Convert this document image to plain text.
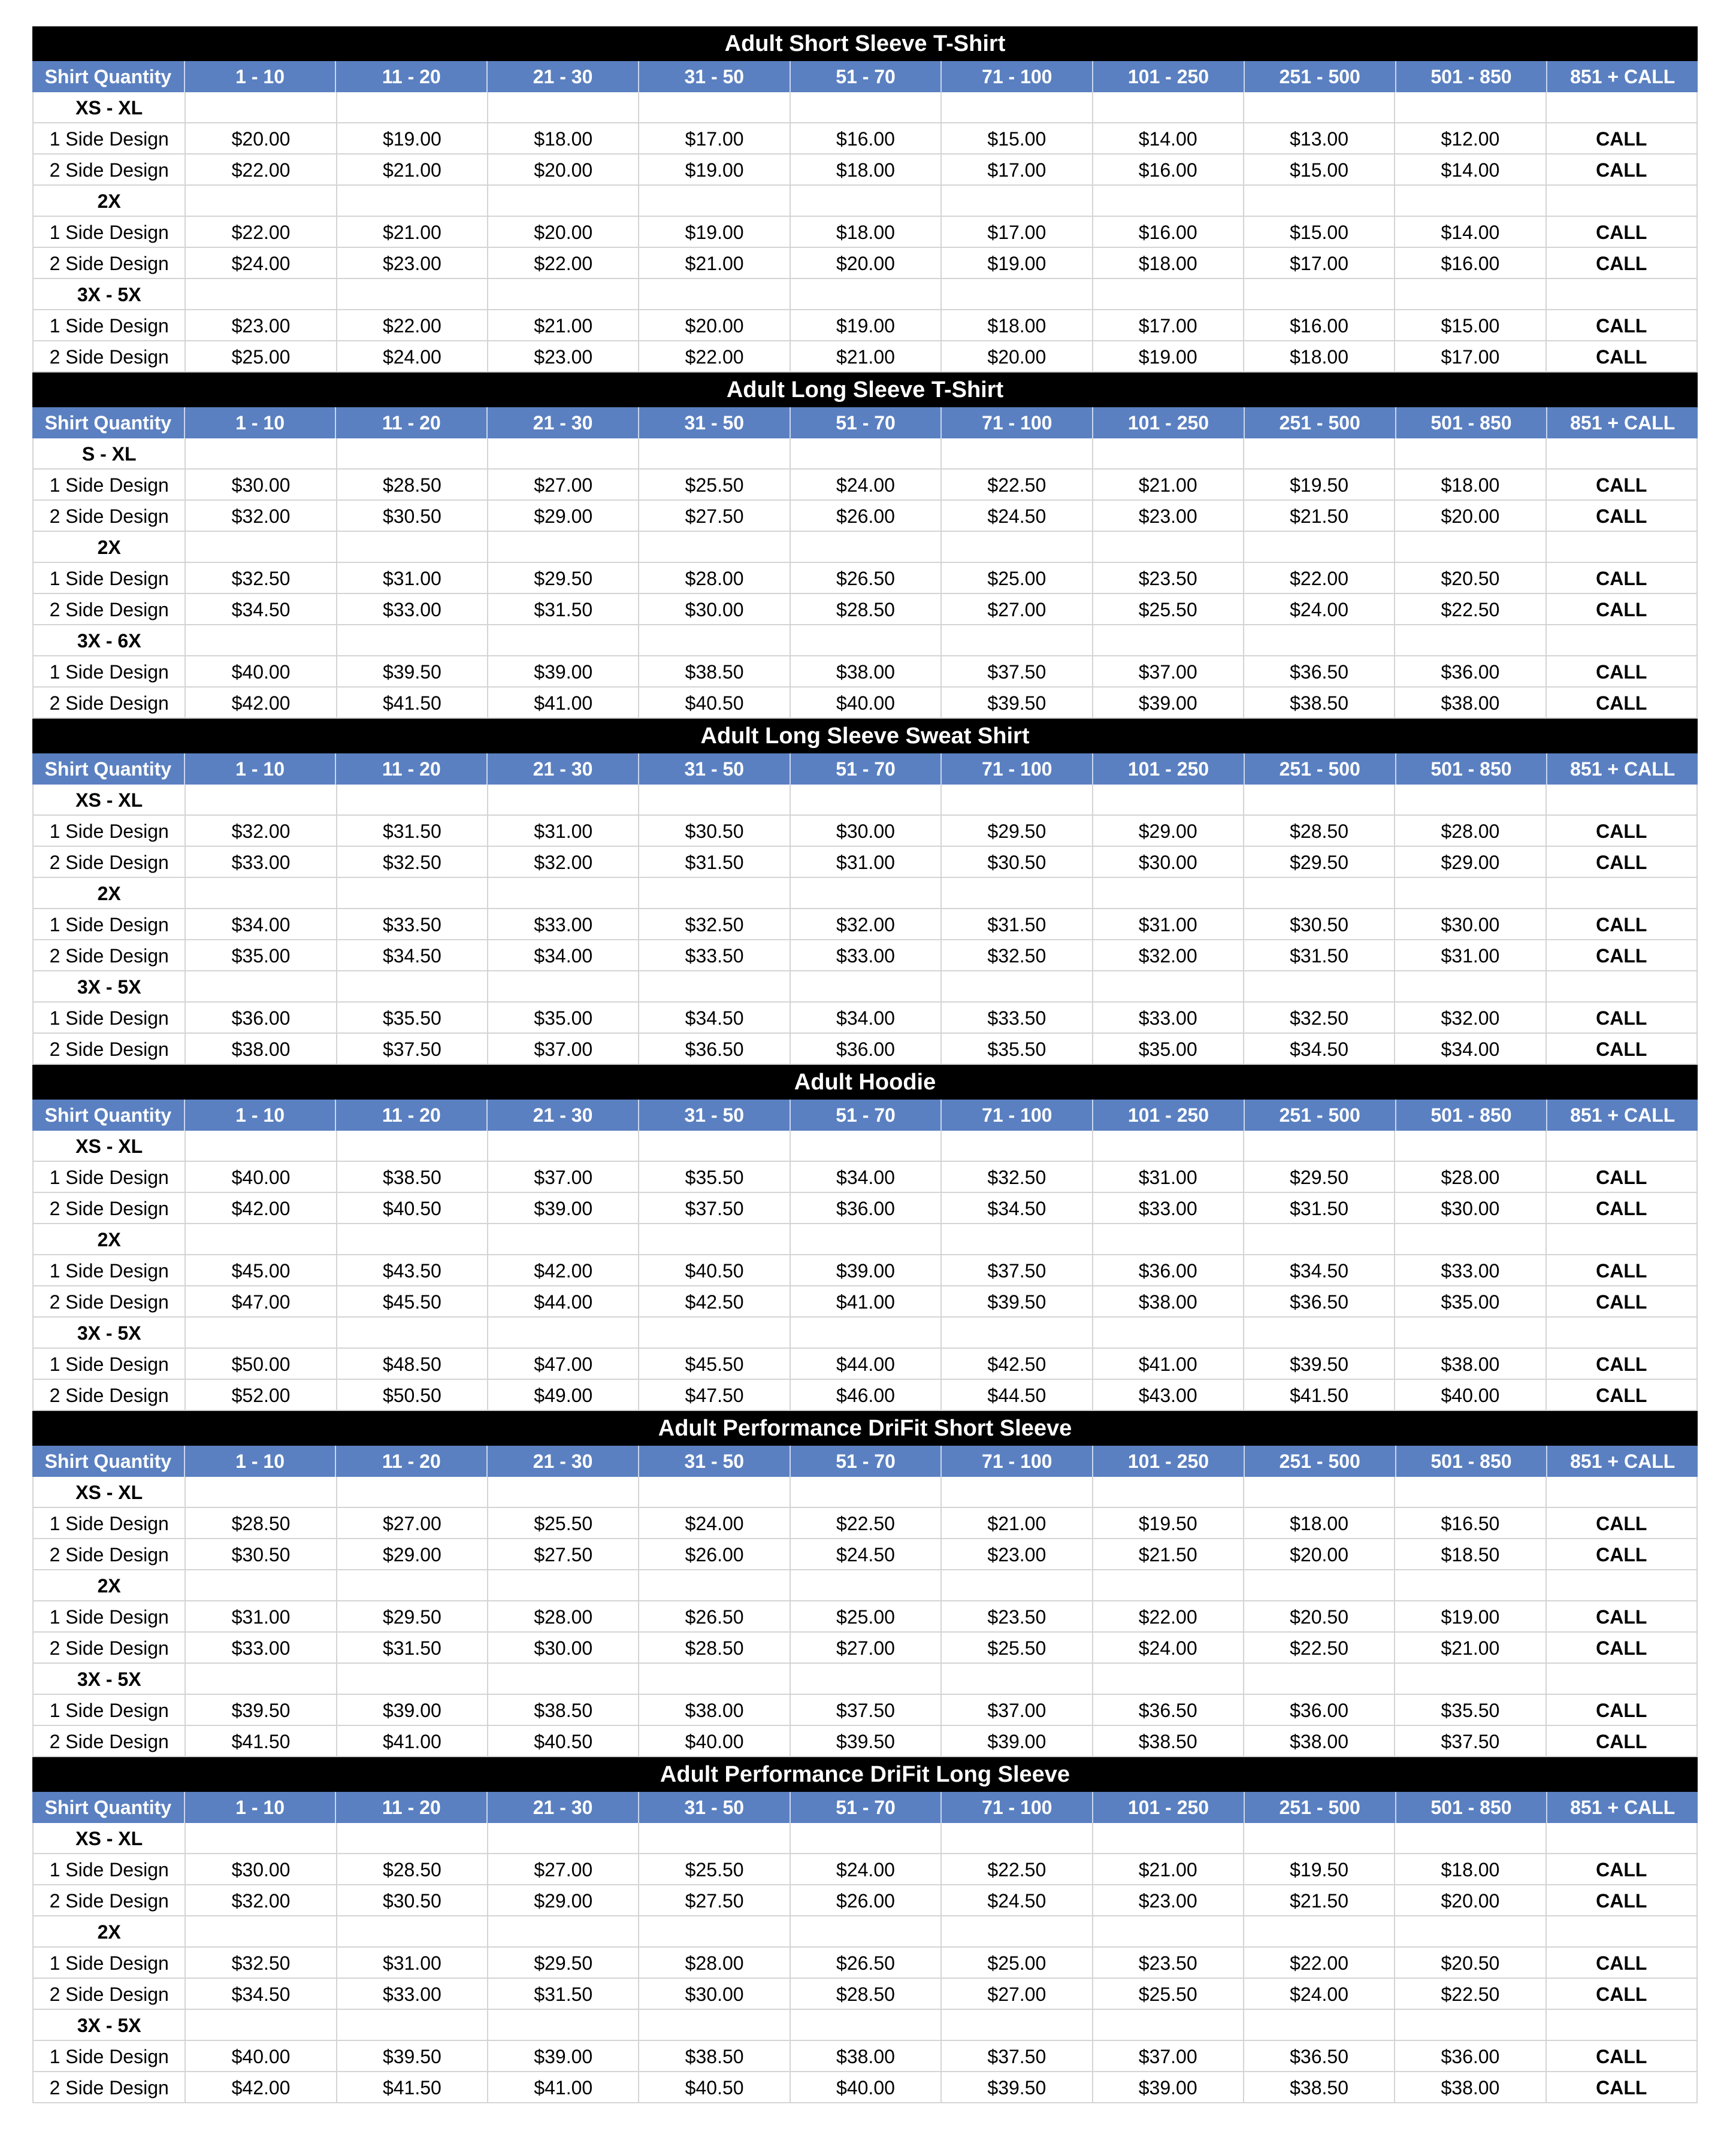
Adult Short Sleeve T-Shirt
Shirt Quantity	1 - 10	11 - 20	21 - 30	31 - 50	51 - 70	71 - 100	101 - 250	251 - 500	501 - 850	851 + CALL
XS - XL
1 Side Design	$20.00	$19.00	$18.00	$17.00	$16.00	$15.00	$14.00	$13.00	$12.00	CALL
2 Side Design	$22.00	$21.00	$20.00	$19.00	$18.00	$17.00	$16.00	$15.00	$14.00	CALL
2X
1 Side Design	$22.00	$21.00	$20.00	$19.00	$18.00	$17.00	$16.00	$15.00	$14.00	CALL
2 Side Design	$24.00	$23.00	$22.00	$21.00	$20.00	$19.00	$18.00	$17.00	$16.00	CALL
3X - 5X
1 Side Design	$23.00	$22.00	$21.00	$20.00	$19.00	$18.00	$17.00	$16.00	$15.00	CALL
2 Side Design	$25.00	$24.00	$23.00	$22.00	$21.00	$20.00	$19.00	$18.00	$17.00	CALL
Adult Long Sleeve T-Shirt
Shirt Quantity	1 - 10	11 - 20	21 - 30	31 - 50	51 - 70	71 - 100	101 - 250	251 - 500	501 - 850	851 + CALL
S - XL
1 Side Design	$30.00	$28.50	$27.00	$25.50	$24.00	$22.50	$21.00	$19.50	$18.00	CALL
2 Side Design	$32.00	$30.50	$29.00	$27.50	$26.00	$24.50	$23.00	$21.50	$20.00	CALL
2X
1 Side Design	$32.50	$31.00	$29.50	$28.00	$26.50	$25.00	$23.50	$22.00	$20.50	CALL
2 Side Design	$34.50	$33.00	$31.50	$30.00	$28.50	$27.00	$25.50	$24.00	$22.50	CALL
3X - 6X
1 Side Design	$40.00	$39.50	$39.00	$38.50	$38.00	$37.50	$37.00	$36.50	$36.00	CALL
2 Side Design	$42.00	$41.50	$41.00	$40.50	$40.00	$39.50	$39.00	$38.50	$38.00	CALL
Adult Long Sleeve Sweat Shirt
Shirt Quantity	1 - 10	11 - 20	21 - 30	31 - 50	51 - 70	71 - 100	101 - 250	251 - 500	501 - 850	851 + CALL
XS - XL
1 Side Design	$32.00	$31.50	$31.00	$30.50	$30.00	$29.50	$29.00	$28.50	$28.00	CALL
2 Side Design	$33.00	$32.50	$32.00	$31.50	$31.00	$30.50	$30.00	$29.50	$29.00	CALL
2X
1 Side Design	$34.00	$33.50	$33.00	$32.50	$32.00	$31.50	$31.00	$30.50	$30.00	CALL
2 Side Design	$35.00	$34.50	$34.00	$33.50	$33.00	$32.50	$32.00	$31.50	$31.00	CALL
3X - 5X
1 Side Design	$36.00	$35.50	$35.00	$34.50	$34.00	$33.50	$33.00	$32.50	$32.00	CALL
2 Side Design	$38.00	$37.50	$37.00	$36.50	$36.00	$35.50	$35.00	$34.50	$34.00	CALL
Adult Hoodie
Shirt Quantity	1 - 10	11 - 20	21 - 30	31 - 50	51 - 70	71 - 100	101 - 250	251 - 500	501 - 850	851 + CALL
XS - XL
1 Side Design	$40.00	$38.50	$37.00	$35.50	$34.00	$32.50	$31.00	$29.50	$28.00	CALL
2 Side Design	$42.00	$40.50	$39.00	$37.50	$36.00	$34.50	$33.00	$31.50	$30.00	CALL
2X
1 Side Design	$45.00	$43.50	$42.00	$40.50	$39.00	$37.50	$36.00	$34.50	$33.00	CALL
2 Side Design	$47.00	$45.50	$44.00	$42.50	$41.00	$39.50	$38.00	$36.50	$35.00	CALL
3X - 5X
1 Side Design	$50.00	$48.50	$47.00	$45.50	$44.00	$42.50	$41.00	$39.50	$38.00	CALL
2 Side Design	$52.00	$50.50	$49.00	$47.50	$46.00	$44.50	$43.00	$41.50	$40.00	CALL
Adult Performance DriFit Short Sleeve
Shirt Quantity	1 - 10	11 - 20	21 - 30	31 - 50	51 - 70	71 - 100	101 - 250	251 - 500	501 - 850	851 + CALL
XS - XL
1 Side Design	$28.50	$27.00	$25.50	$24.00	$22.50	$21.00	$19.50	$18.00	$16.50	CALL
2 Side Design	$30.50	$29.00	$27.50	$26.00	$24.50	$23.00	$21.50	$20.00	$18.50	CALL
2X
1 Side Design	$31.00	$29.50	$28.00	$26.50	$25.00	$23.50	$22.00	$20.50	$19.00	CALL
2 Side Design	$33.00	$31.50	$30.00	$28.50	$27.00	$25.50	$24.00	$22.50	$21.00	CALL
3X - 5X
1 Side Design	$39.50	$39.00	$38.50	$38.00	$37.50	$37.00	$36.50	$36.00	$35.50	CALL
2 Side Design	$41.50	$41.00	$40.50	$40.00	$39.50	$39.00	$38.50	$38.00	$37.50	CALL
Adult Performance DriFit Long Sleeve
Shirt Quantity	1 - 10	11 - 20	21 - 30	31 - 50	51 - 70	71 - 100	101 - 250	251 - 500	501 - 850	851 + CALL
XS - XL
1 Side Design	$30.00	$28.50	$27.00	$25.50	$24.00	$22.50	$21.00	$19.50	$18.00	CALL
2 Side Design	$32.00	$30.50	$29.00	$27.50	$26.00	$24.50	$23.00	$21.50	$20.00	CALL
2X
1 Side Design	$32.50	$31.00	$29.50	$28.00	$26.50	$25.00	$23.50	$22.00	$20.50	CALL
2 Side Design	$34.50	$33.00	$31.50	$30.00	$28.50	$27.00	$25.50	$24.00	$22.50	CALL
3X - 5X
1 Side Design	$40.00	$39.50	$39.00	$38.50	$38.00	$37.50	$37.00	$36.50	$36.00	CALL
2 Side Design	$42.00	$41.50	$41.00	$40.50	$40.00	$39.50	$39.00	$38.50	$38.00	CALL
